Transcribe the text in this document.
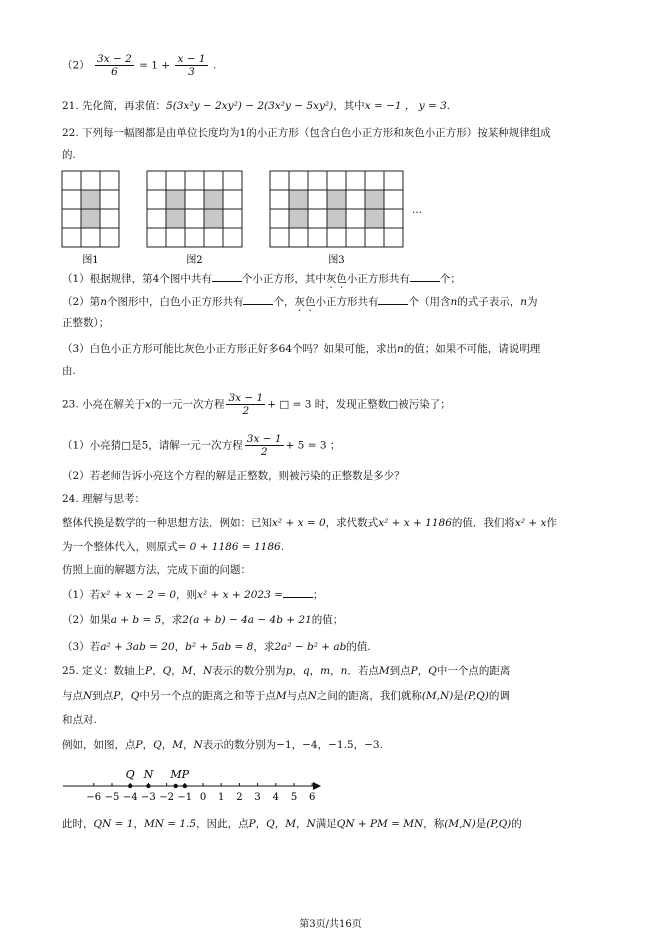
$(2) \frac{3x - 2}{6} = 1 + \frac{x - 1}{3}$ .
21. 先化简，再求值：5(3x²y − 2xy²) − 2(3x²y − 5xy²)，其中x = −1 ， y = 3.
22. 下列每一幅图都是由单位长度均为1的小正方形（包含白色小正方形和灰色小正方形）按某种规律组成
的.
图1	图2	图3
…
（1）根据规律，第4个图中共有	个小正方形，其中灰色小正方形共有	个；
（2）第n个图形中，白色小正方形共有	个，灰色小正方形共有	个（用含n的式子表示，n为
正整数）；
（3）白色小正方形可能比灰色小正方形正好多64个吗？如果可能，求出n的值；如果不可能，请说明理
由.
23. 小亮在解关于x的一元一次方程 $\frac{3x - 1}{2}$ + □ = 3 时，发现正整数□被污染了；
（1）小亮猜□是5，请解一元一次方程 $\frac{3x - 1}{2} + 5 = 3$ ；
（2）若老师告诉小亮这个方程的解是正整数，则被污染的正整数是多少？
24. 理解与思考：
整体代换是数学的一种思想方法．例如：已知x² + x = 0，求代数式x² + x + 1186的值．我们将x² + x作
为一个整体代入，则原式= 0 + 1186 = 1186.
仿照上面的解题方法，完成下面的问题：
（1）若x² + x − 2 = 0，则x² + x + 2023 =	；
（2）如果a + b = 5，求2(a + b) − 4a − 4b + 21的值；
（3）若a² + 3ab = 20，b² + 5ab = 8，求2a² − b² + ab的值.
25. 定义：数轴上P，Q，M，N表示的数分别为p，q，m，n．若点M到点P，Q中一个点的距离
与点N到点P，Q中另一个点的距离之和等于点M与点N之间的距离，我们就称(M,N)是(P,Q)的调
和点对.
例如，如图，点P，Q，M，N表示的数分别为−1，−4，−1.5，−3.
−6 −5 −4 −3 −2 −1 0 1 2 3 4 5 6
Q N MP
此时，QN = 1，MN = 1.5，因此，点P，Q，M，N满足QN + PM = MN，称(M,N)是(P,Q)的
第3页/共16页
